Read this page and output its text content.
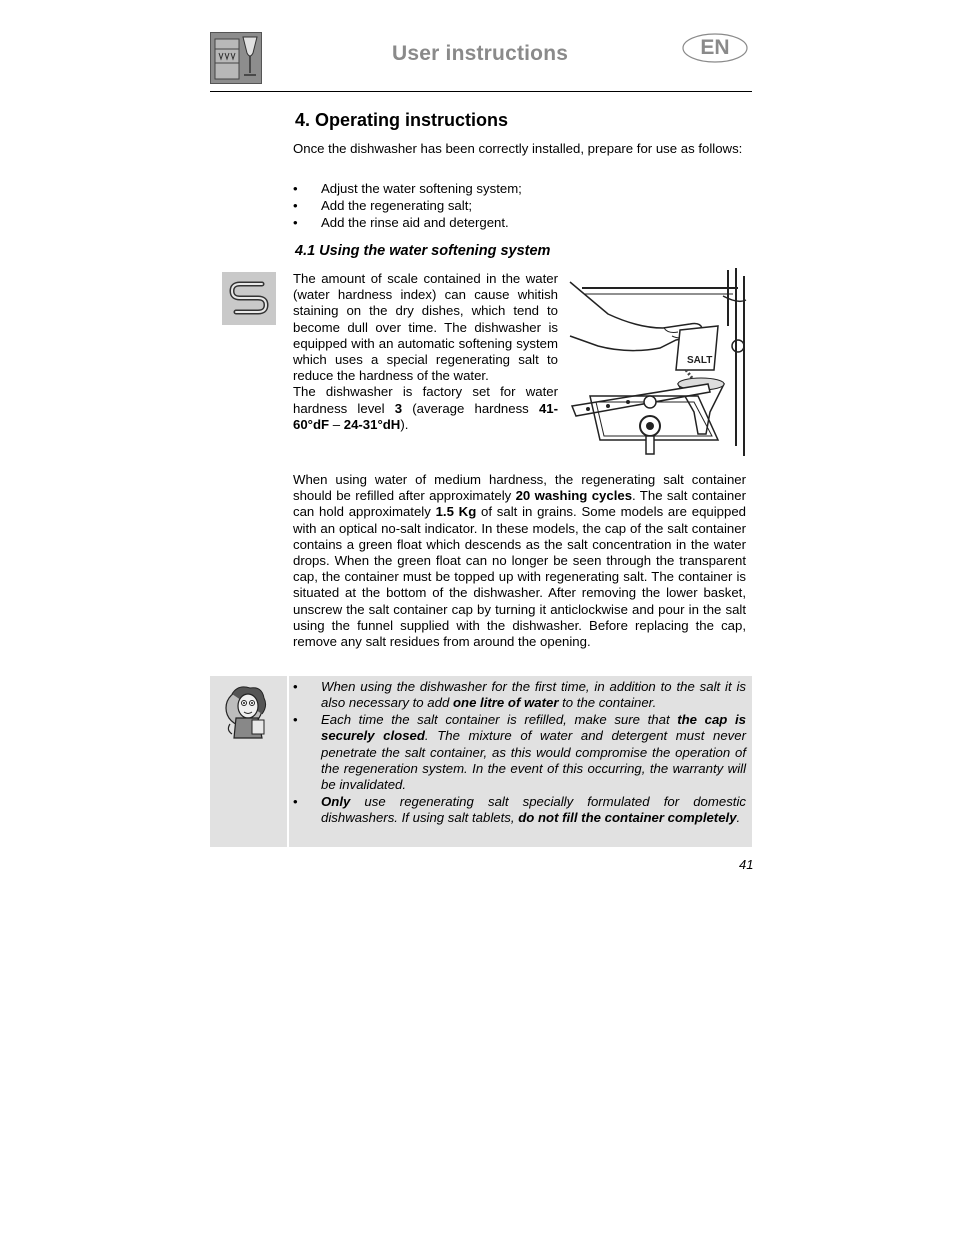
User instructions	EN
4. Operating instructions
Once the dishwasher has been correctly installed, prepare for use as follows:
• Adjust the water softening system;
• Add the regenerating salt;
• Add the rinse aid and detergent.
4.1 Using the water softening system
The amount of scale contained in the water (water hardness index) can cause whitish staining on the dry dishes, which tend to become dull over time. The dishwasher is equipped with an automatic softening system which uses a special regenerating salt to reduce the hardness of the water.
The dishwasher is factory set for water hardness level 3 (average hardness 41-60°dF – 24-31°dH).
SALT
When using water of medium hardness, the regenerating salt container should be refilled after approximately 20 washing cycles. The salt container can hold approximately 1.5 Kg of salt in grains. Some models are equipped with an optical no-salt indicator. In these models, the cap of the salt container contains a green float which descends as the salt concentration in the water drops. When the green float can no longer be seen through the transparent cap, the container must be topped up with regenerating salt. The container is situated at the bottom of the dishwasher. After removing the lower basket, unscrew the salt container cap by turning it anticlockwise and pour in the salt using the funnel supplied with the dishwasher. Before replacing the cap, remove any salt residues from around the opening.
• When using the dishwasher for the first time, in addition to the salt it is also necessary to add one litre of water to the container.
• Each time the salt container is refilled, make sure that the cap is securely closed. The mixture of water and detergent must never penetrate the salt container, as this would compromise the operation of the regeneration system. In the event of this occurring, the warranty will be invalidated.
• Only use regenerating salt specially formulated for domestic dishwashers. If using salt tablets, do not fill the container completely.
41
